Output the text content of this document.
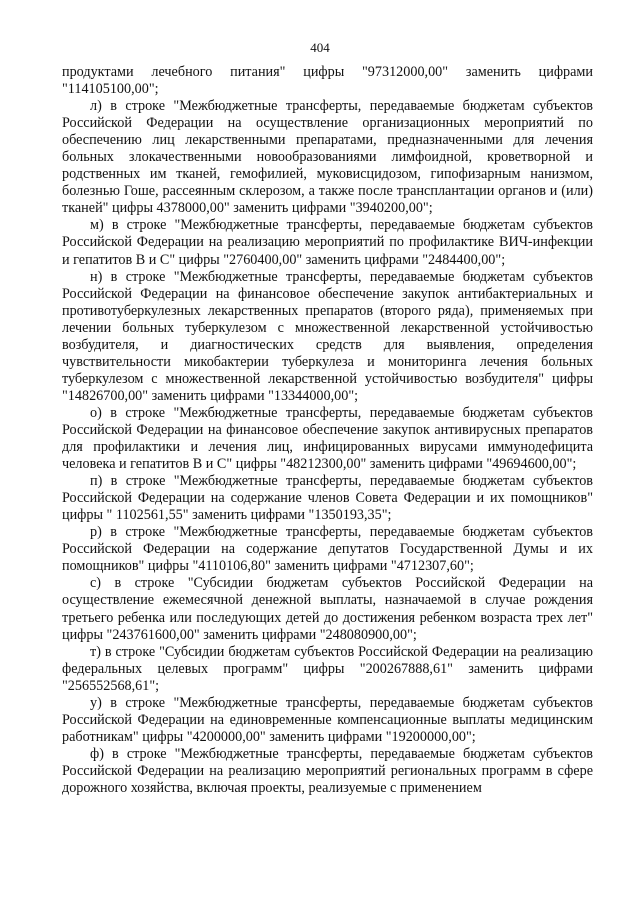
404

продуктами лечебного питания" цифры "97312000,00" заменить цифрами "114105100,00";

л) в строке "Межбюджетные трансферты, передаваемые бюджетам субъектов Российской Федерации на осуществление организационных мероприятий по обеспечению лиц лекарственными препаратами, предназначенными для лечения больных злокачественными новообразованиями лимфоидной, кроветворной и родственных им тканей, гемофилией, муковисцидозом, гипофизарным нанизмом, болезнью Гоше, рассеянным склерозом, а также после трансплантации органов и (или) тканей" цифры 4378000,00" заменить цифрами "3940200,00";

м) в строке "Межбюджетные трансферты, передаваемые бюджетам субъектов Российской Федерации на реализацию мероприятий по профилактике ВИЧ-инфекции и гепатитов В и С" цифры "2760400,00" заменить цифрами "2484400,00";

н) в строке "Межбюджетные трансферты, передаваемые бюджетам субъектов Российской Федерации на финансовое обеспечение закупок антибактериальных и противотуберкулезных лекарственных препаратов (второго ряда), применяемых при лечении больных туберкулезом с множественной лекарственной устойчивостью возбудителя, и диагностических средств для выявления, определения чувствительности микобактерии туберкулеза и мониторинга лечения больных туберкулезом с множественной лекарственной устойчивостью возбудителя" цифры "14826700,00" заменить цифрами "13344000,00";

о) в строке "Межбюджетные трансферты, передаваемые бюджетам субъектов Российской Федерации на финансовое обеспечение закупок антивирусных препаратов для профилактики и лечения лиц, инфицированных вирусами иммунодефицита человека и гепатитов В и С" цифры "48212300,00" заменить цифрами "49694600,00";

п) в строке "Межбюджетные трансферты, передаваемые бюджетам субъектов Российской Федерации на содержание членов Совета Федерации и их помощников" цифры " 1102561,55" заменить цифрами "1350193,35";

р) в строке "Межбюджетные трансферты, передаваемые бюджетам субъектов Российской Федерации на содержание депутатов Государственной Думы и их помощников" цифры "4110106,80" заменить цифрами "4712307,60";

с) в строке "Субсидии бюджетам субъектов Российской Федерации на осуществление ежемесячной денежной выплаты, назначаемой в случае рождения третьего ребенка или последующих детей до достижения ребенком возраста трех лет" цифры "243761600,00" заменить цифрами "248080900,00";

т) в строке "Субсидии бюджетам субъектов Российской Федерации на реализацию федеральных целевых программ" цифры "200267888,61" заменить цифрами "256552568,61";

у) в строке "Межбюджетные трансферты, передаваемые бюджетам субъектов Российской Федерации на единовременные компенсационные выплаты медицинским работникам" цифры "4200000,00" заменить цифрами "19200000,00";

ф) в строке "Межбюджетные трансферты, передаваемые бюджетам субъектов Российской Федерации на реализацию мероприятий региональных программ в сфере дорожного хозяйства, включая проекты, реализуемые с применением
